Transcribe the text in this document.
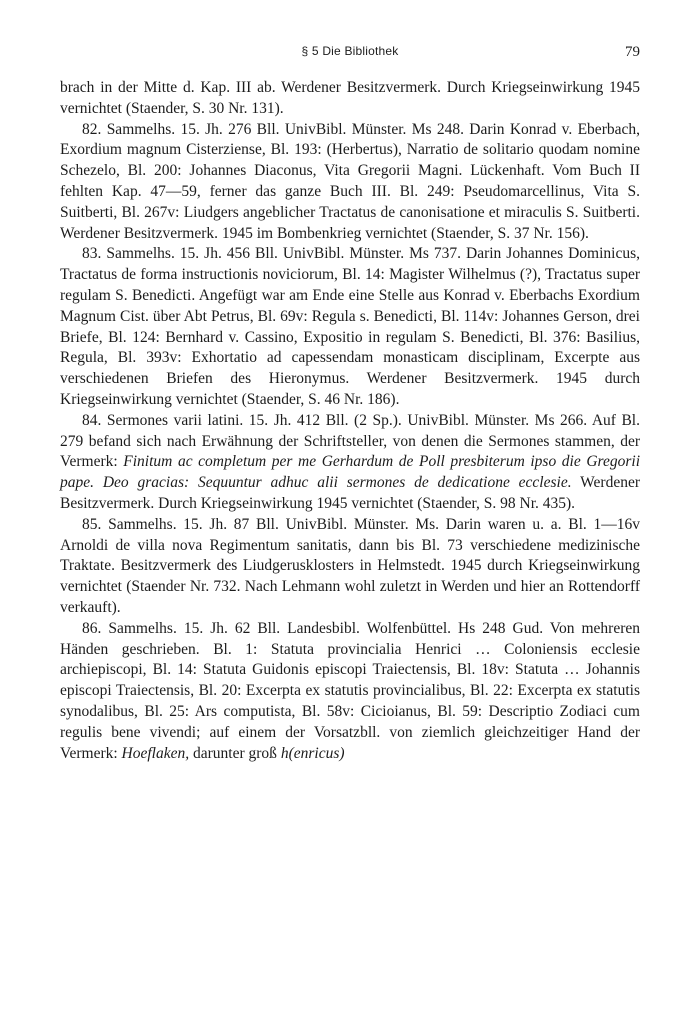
§ 5 Die Bibliothek	79

brach in der Mitte d. Kap. III ab. Werdener Besitzvermerk. Durch Kriegseinwirkung 1945 vernichtet (Staender, S. 30 Nr. 131).

82. Sammelhs. 15. Jh. 276 Bll. UnivBibl. Münster. Ms 248. Darin Konrad v. Eberbach, Exordium magnum Cisterziense, Bl. 193: (Herbertus), Narratio de solitario quodam nomine Schezelo, Bl. 200: Johannes Diaconus, Vita Gregorii Magni. Lückenhaft. Vom Buch II fehlten Kap. 47—59, ferner das ganze Buch III. Bl. 249: Pseudomarcellinus, Vita S. Suitberti, Bl. 267v: Liudgers angeblicher Tractatus de canonisatione et miraculis S. Suitberti. Werdener Besitzvermerk. 1945 im Bombenkrieg vernichtet (Staender, S. 37 Nr. 156).

83. Sammelhs. 15. Jh. 456 Bll. UnivBibl. Münster. Ms 737. Darin Johannes Dominicus, Tractatus de forma instructionis noviciorum, Bl. 14: Magister Wilhelmus (?), Tractatus super regulam S. Benedicti. Angefügt war am Ende eine Stelle aus Konrad v. Eberbachs Exordium Magnum Cist. über Abt Petrus, Bl. 69v: Regula s. Benedicti, Bl. 114v: Johannes Gerson, drei Briefe, Bl. 124: Bernhard v. Cassino, Expositio in regulam S. Benedicti, Bl. 376: Basilius, Regula, Bl. 393v: Exhortatio ad capessendam monasticam disciplinam, Excerpte aus verschiedenen Briefen des Hieronymus. Werdener Besitzvermerk. 1945 durch Kriegseinwirkung vernichtet (Staender, S. 46 Nr. 186).

84. Sermones varii latini. 15. Jh. 412 Bll. (2 Sp.). UnivBibl. Münster. Ms 266. Auf Bl. 279 befand sich nach Erwähnung der Schriftsteller, von denen die Sermones stammen, der Vermerk: Finitum ac completum per me Gerhardum de Poll presbiterum ipso die Gregorii pape. Deo gracias: Sequuntur adhuc alii sermones de dedicatione ecclesie. Werdener Besitzvermerk. Durch Kriegseinwirkung 1945 vernichtet (Staender, S. 98 Nr. 435).

85. Sammelhs. 15. Jh. 87 Bll. UnivBibl. Münster. Ms. Darin waren u. a. Bl. 1—16v Arnoldi de villa nova Regimentum sanitatis, dann bis Bl. 73 verschiedene medizinische Traktate. Besitzvermerk des Liudgerusklosters in Helmstedt. 1945 durch Kriegseinwirkung vernichtet (Staender Nr. 732. Nach Lehmann wohl zuletzt in Werden und hier an Rottendorff verkauft).

86. Sammelhs. 15. Jh. 62 Bll. Landesbibl. Wolfenbüttel. Hs 248 Gud. Von mehreren Händen geschrieben. Bl. 1: Statuta provincialia Henrici … Coloniensis ecclesie archiepiscopi, Bl. 14: Statuta Guidonis episcopi Traiectensis, Bl. 18v: Statuta … Johannis episcopi Traiectensis, Bl. 20: Excerpta ex statutis provincialibus, Bl. 22: Excerpta ex statutis synodalibus, Bl. 25: Ars computista, Bl. 58v: Cicioianus, Bl. 59: Descriptio Zodiaci cum regulis bene vivendi; auf einem der Vorsatzbll. von ziemlich gleichzeitiger Hand der Vermerk: Hoeflaken, darunter groß h(enricus)
